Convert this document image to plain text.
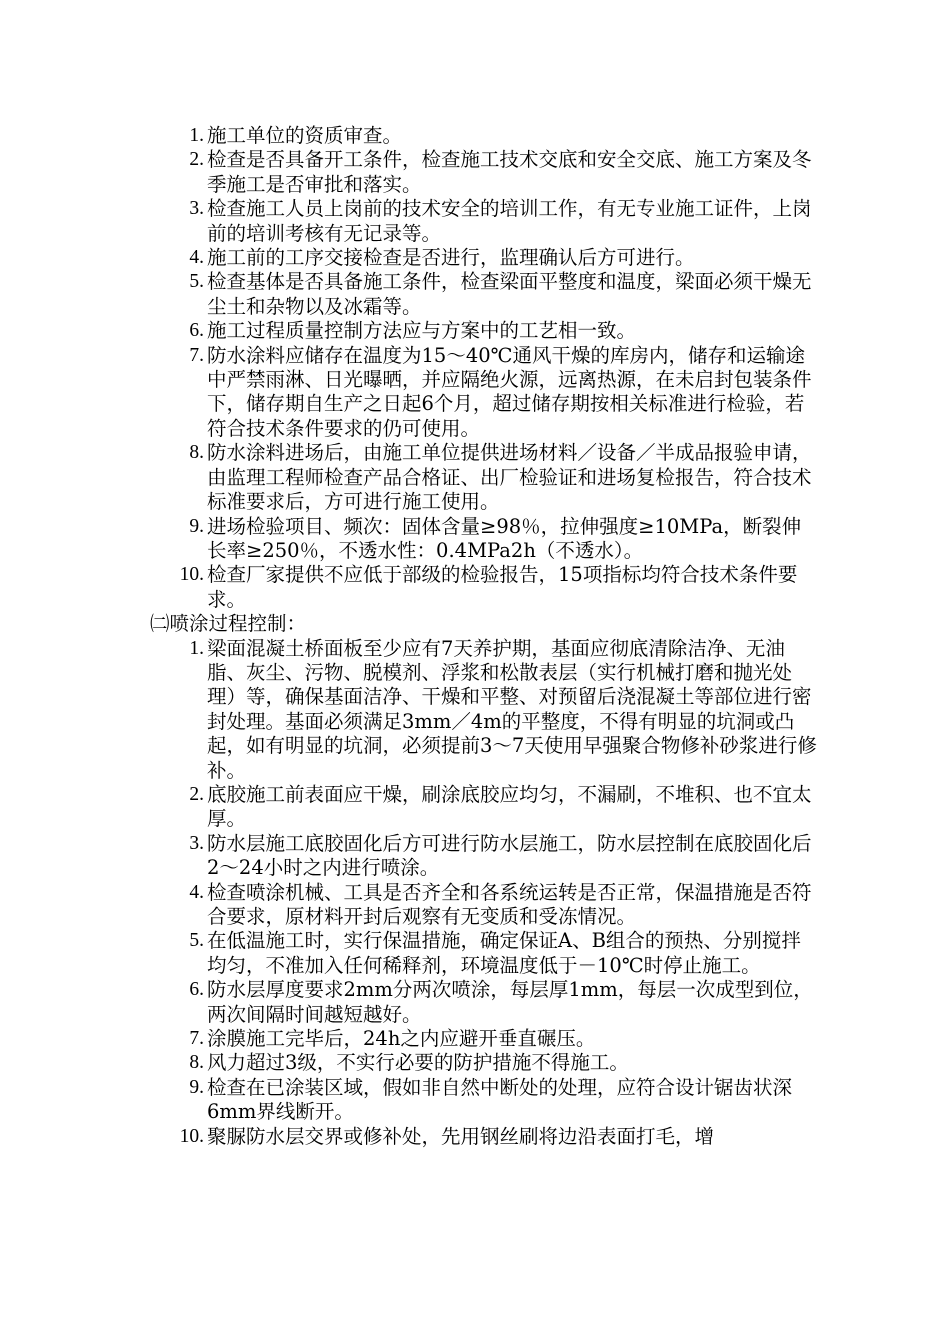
1. 施工单位的资质审查。
2. 检查是否具备开工条件，检查施工技术交底和安全交底、施工方案及冬季施工是否审批和落实。
3. 检查施工人员上岗前的技术安全的培训工作，有无专业施工证件，上岗前的培训考核有无记录等。
4. 施工前的工序交接检查是否进行，监理确认后方可进行。
5. 检查基体是否具备施工条件，检查梁面平整度和温度，梁面必须干燥无尘土和杂物以及冰霜等。
6. 施工过程质量控制方法应与方案中的工艺相一致。
7. 防水涂料应储存在温度为15～40℃通风干燥的库房内，储存和运输途中严禁雨淋、日光曝晒，并应隔绝火源，远离热源，在未启封包装条件下，储存期自生产之日起6个月，超过储存期按相关标准进行检验，若符合技术条件要求的仍可使用。
8. 防水涂料进场后，由施工单位提供进场材料／设备／半成品报验申请，由监理工程师检查产品合格证、出厂检验证和进场复检报告，符合技术标准要求后，方可进行施工使用。
9. 进场检验项目、频次：固体含量≥98％，拉伸强度≥10MPa，断裂伸长率≥250％，不透水性：0.4MPa2h（不透水）。
10. 检查厂家提供不应低于部级的检验报告，15项指标均符合技术条件要求。

㈡喷涂过程控制：

1. 梁面混凝土桥面板至少应有7天养护期，基面应彻底清除洁净、无油脂、灰尘、污物、脱模剂、浮浆和松散表层（实行机械打磨和抛光处理）等，确保基面洁净、干燥和平整、对预留后浇混凝土等部位进行密封处理。基面必须满足3mm／4m的平整度，不得有明显的坑洞或凸起，如有明显的坑洞，必须提前3～7天使用早强聚合物修补砂浆进行修补。
2. 底胶施工前表面应干燥，刷涂底胶应均匀，不漏刷，不堆积、也不宜太厚。
3. 防水层施工底胶固化后方可进行防水层施工，防水层控制在底胶固化后2～24小时之内进行喷涂。
4. 检查喷涂机械、工具是否齐全和各系统运转是否正常，保温措施是否符合要求，原材料开封后观察有无变质和受冻情况。
5. 在低温施工时，实行保温措施，确定保证A、B组合的预热、分别搅拌均匀，不准加入任何稀释剂，环境温度低于－10℃时停止施工。
6. 防水层厚度要求2mm分两次喷涂，每层厚1mm，每层一次成型到位，两次间隔时间越短越好。
7. 涂膜施工完毕后，24h之内应避开垂直碾压。
8. 风力超过3级，不实行必要的防护措施不得施工。
9. 检查在已涂装区域，假如非自然中断处的处理，应符合设计锯齿状深6mm界线断开。
10. 聚脲防水层交界或修补处，先用钢丝刷将边沿表面打毛，增
